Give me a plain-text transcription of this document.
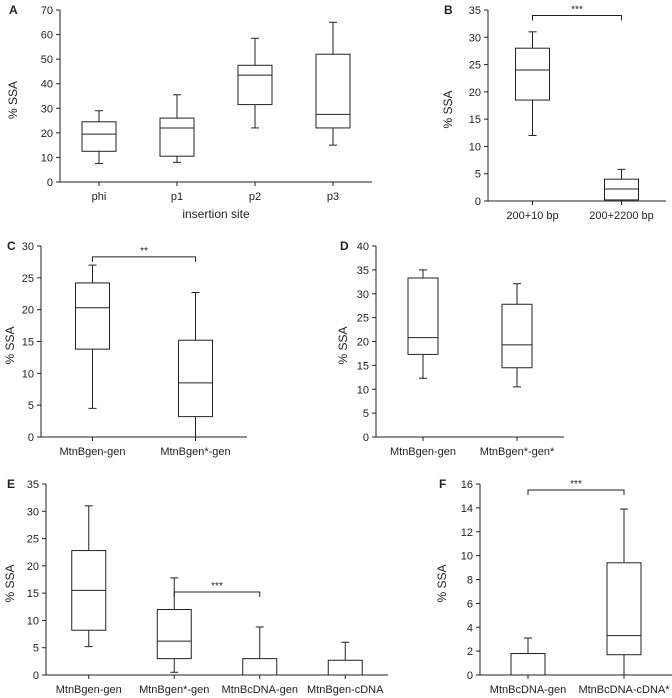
A
0
10
20
30
40
50
60
70
% SSA
phi	p1	p2	p3
insertion site
B
0
5
10
15
20
25
30
35
% SSA
200+10 bp	200+2200 bp
***
C
0
5
10
15
20
25
30
% SSA
MtnBgen-gen	MtnBgen*-gen
**	D
0
5
10
15
20
25
30
35
40
% SSA
MtnBgen-gen MtnBgen*-gen*
E
0
5
10
15
20
25
30
35
% SSA
MtnBgen-gen MtnBgen*-gen MtnBcDNA-gen MtnBgen-cDNA
***
F
0
2
4
6
8
10
12
14
16
% SSA
MtnBcDNA-gen MtnBcDNA-cDNA*
***
